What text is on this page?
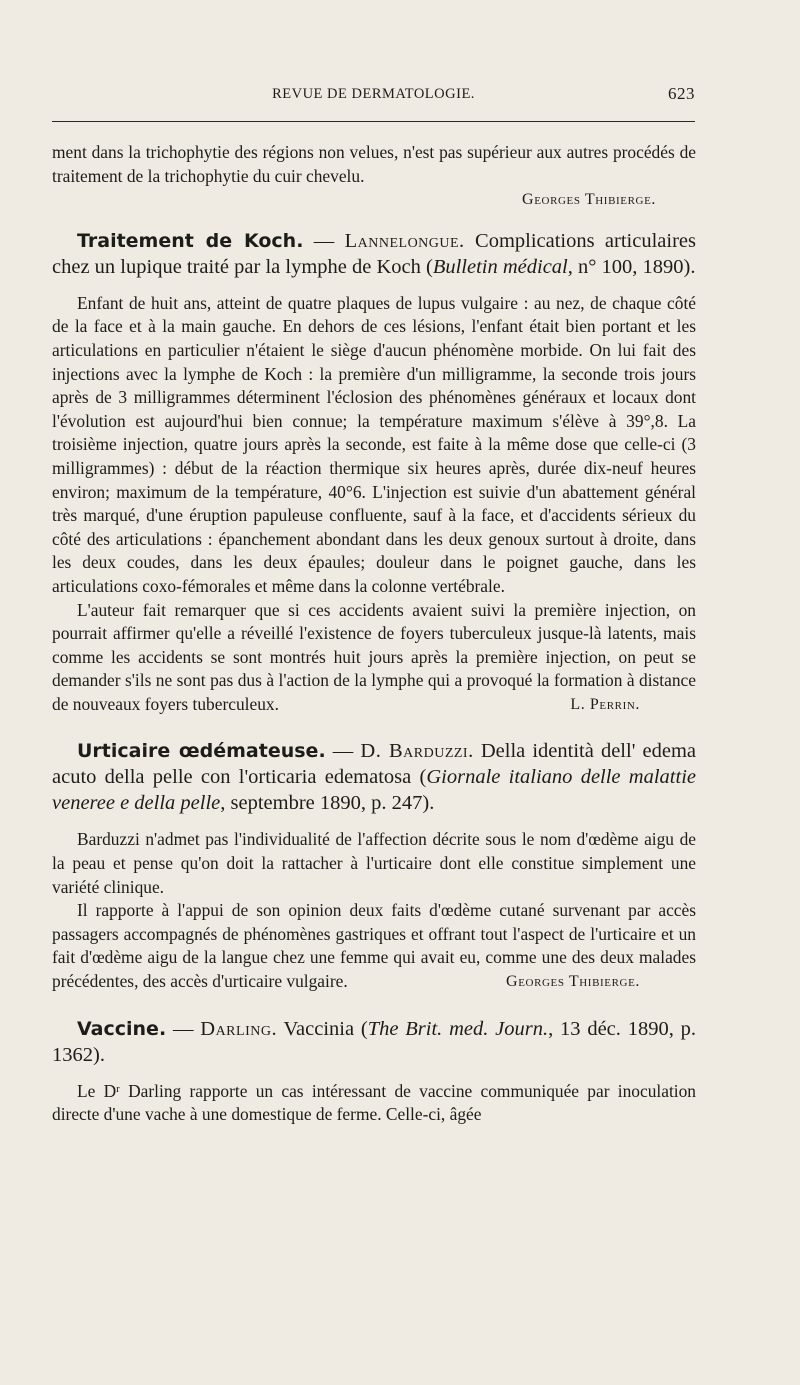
REVUE DE DERMATOLOGIE.	623

ment dans la trichophytie des régions non velues, n'est pas supérieur aux autres procédés de traitement de la trichophytie du cuir chevelu.

Georges Thibierge.

Traitement de Koch. — Lannelongue. Complications articulaires chez un lupique traité par la lymphe de Koch (Bulletin médical, n° 100, 1890).

Enfant de huit ans, atteint de quatre plaques de lupus vulgaire : au nez, de chaque côté de la face et à la main gauche. En dehors de ces lésions, l'enfant était bien portant et les articulations en particulier n'étaient le siège d'aucun phénomène morbide. On lui fait des injections avec la lymphe de Koch : la première d'un milligramme, la seconde trois jours après de 3 milligrammes déterminent l'éclosion des phénomènes généraux et locaux dont l'évolution est aujourd'hui bien connue; la température maximum s'élève à 39°,8. La troisième injection, quatre jours après la seconde, est faite à la même dose que celle-ci (3 milligrammes) : début de la réaction thermique six heures après, durée dix-neuf heures environ; maximum de la température, 40°6. L'injection est suivie d'un abattement général très marqué, d'une éruption papuleuse confluente, sauf à la face, et d'accidents sérieux du côté des articulations : épanchement abondant dans les deux genoux surtout à droite, dans les deux coudes, dans les deux épaules; douleur dans le poignet gauche, dans les articulations coxo-fémorales et même dans la colonne vertébrale.

L'auteur fait remarquer que si ces accidents avaient suivi la première injection, on pourrait affirmer qu'elle a réveillé l'existence de foyers tuberculeux jusque-là latents, mais comme les accidents se sont montrés huit jours après la première injection, on peut se demander s'ils ne sont pas dus à l'action de la lymphe qui a provoqué la formation à distance de nouveaux foyers tuberculeux.	L. Perrin.

Urticaire œdémateuse. — D. Barduzzi. Della identità dell' edema acuto della pelle con l'orticaria edematosa (Giornale italiano delle malattie veneree e della pelle, septembre 1890, p. 247).

Barduzzi n'admet pas l'individualité de l'affection décrite sous le nom d'œdème aigu de la peau et pense qu'on doit la rattacher à l'urticaire dont elle constitue simplement une variété clinique.

Il rapporte à l'appui de son opinion deux faits d'œdème cutané survenant par accès passagers accompagnés de phénomènes gastriques et offrant tout l'aspect de l'urticaire et un fait d'œdème aigu de la langue chez une femme qui avait eu, comme une des deux malades précédentes, des accès d'urticaire vulgaire.	Georges Thibierge.

Vaccine. — Darling. Vaccinia (The Brit. med. Journ., 13 déc. 1890, p. 1362).

Le $D^r$ Darling rapporte un cas intéressant de vaccine communiquée par inoculation directe d'une vache à une domestique de ferme. Celle-ci, âgée
